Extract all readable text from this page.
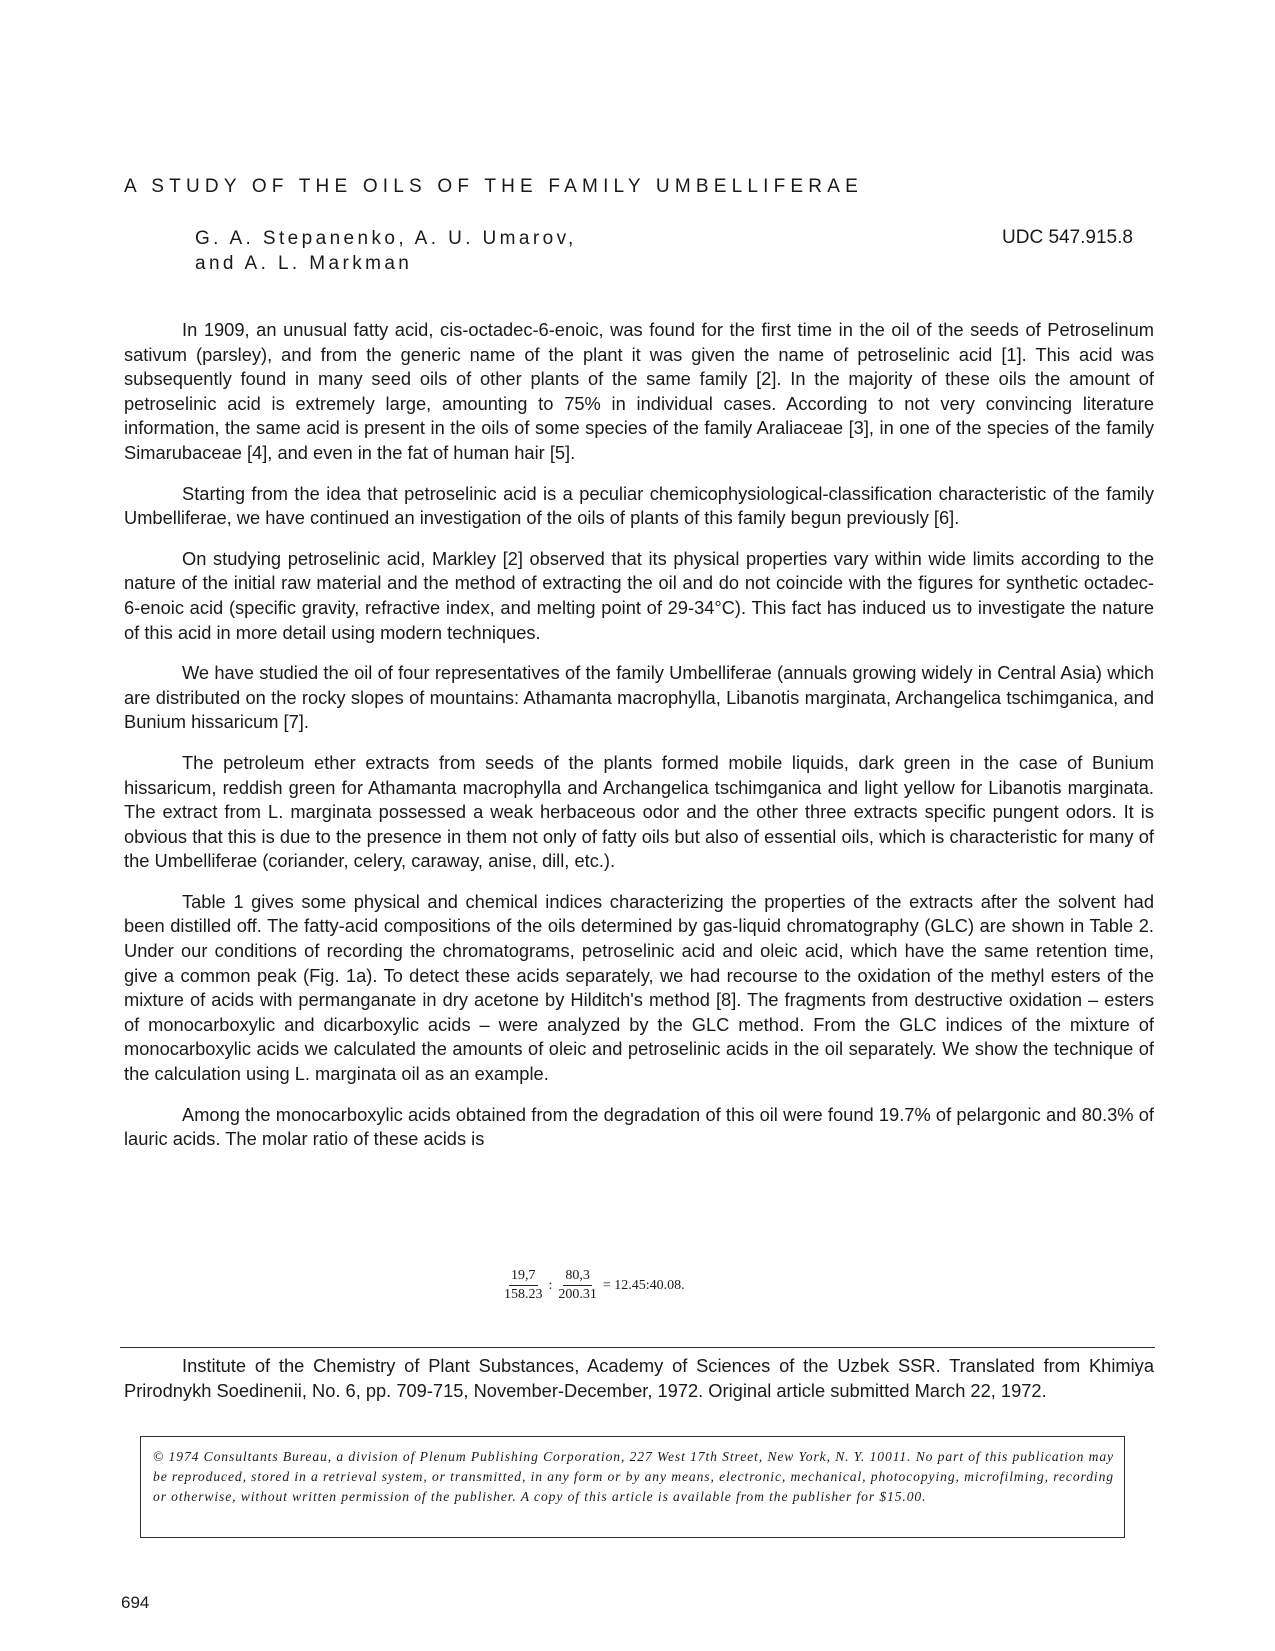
A STUDY OF THE OILS OF THE FAMILY UMBELLIFERAE
G. A. Stepanenko, A. U. Umarov,
and A. L. Markman
UDC 547.915.8

In 1909, an unusual fatty acid, cis-octadec-6-enoic, was found for the first time in the oil of the seeds of Petroselinum sativum (parsley), and from the generic name of the plant it was given the name of petroselinic acid [1]. This acid was subsequently found in many seed oils of other plants of the same family [2]. In the majority of these oils the amount of petroselinic acid is extremely large, amounting to 75% in individual cases. According to not very convincing literature information, the same acid is present in the oils of some species of the family Araliaceae [3], in one of the species of the family Simarubaceae [4], and even in the fat of human hair [5].

Starting from the idea that petroselinic acid is a peculiar chemicophysiological-classification characteristic of the family Umbelliferae, we have continued an investigation of the oils of plants of this family begun previously [6].

On studying petroselinic acid, Markley [2] observed that its physical properties vary within wide limits according to the nature of the initial raw material and the method of extracting the oil and do not coincide with the figures for synthetic octadec-6-enoic acid (specific gravity, refractive index, and melting point of 29-34°C). This fact has induced us to investigate the nature of this acid in more detail using modern techniques.

We have studied the oil of four representatives of the family Umbelliferae (annuals growing widely in Central Asia) which are distributed on the rocky slopes of mountains: Athamanta macrophylla, Libanotis marginata, Archangelica tschimganica, and Bunium hissaricum [7].

The petroleum ether extracts from seeds of the plants formed mobile liquids, dark green in the case of Bunium hissaricum, reddish green for Athamanta macrophylla and Archangelica tschimganica and light yellow for Libanotis marginata. The extract from L. marginata possessed a weak herbaceous odor and the other three extracts specific pungent odors. It is obvious that this is due to the presence in them not only of fatty oils but also of essential oils, which is characteristic for many of the Umbelliferae (coriander, celery, caraway, anise, dill, etc.).

Table 1 gives some physical and chemical indices characterizing the properties of the extracts after the solvent had been distilled off. The fatty-acid compositions of the oils determined by gas-liquid chromatography (GLC) are shown in Table 2. Under our conditions of recording the chromatograms, petroselinic acid and oleic acid, which have the same retention time, give a common peak (Fig. 1a). To detect these acids separately, we had recourse to the oxidation of the methyl esters of the mixture of acids with permanganate in dry acetone by Hilditch's method [8]. The fragments from destructive oxidation – esters of monocarboxylic and dicarboxylic acids – were analyzed by the GLC method. From the GLC indices of the mixture of monocarboxylic acids we calculated the amounts of oleic and petroselinic acids in the oil separately. We show the technique of the calculation using L. marginata oil as an example.

Among the monocarboxylic acids obtained from the degradation of this oil were found 19.7% of pelargonic and 80.3% of lauric acids. The molar ratio of these acids is

$\frac{19,7}{158.23}$ : $\frac{80,3}{200.31}$ = 12.45:40.08.

Institute of the Chemistry of Plant Substances, Academy of Sciences of the Uzbek SSR. Translated from Khimiya Prirodnykh Soedinenii, No. 6, pp. 709-715, November-December, 1972. Original article submitted March 22, 1972.

© 1974 Consultants Bureau, a division of Plenum Publishing Corporation, 227 West 17th Street, New York, N. Y. 10011. No part of this publication may be reproduced, stored in a retrieval system, or transmitted, in any form or by any means, electronic, mechanical, photocopying, microfilming, recording or otherwise, without written permission of the publisher. A copy of this article is available from the publisher for $15.00.
694
